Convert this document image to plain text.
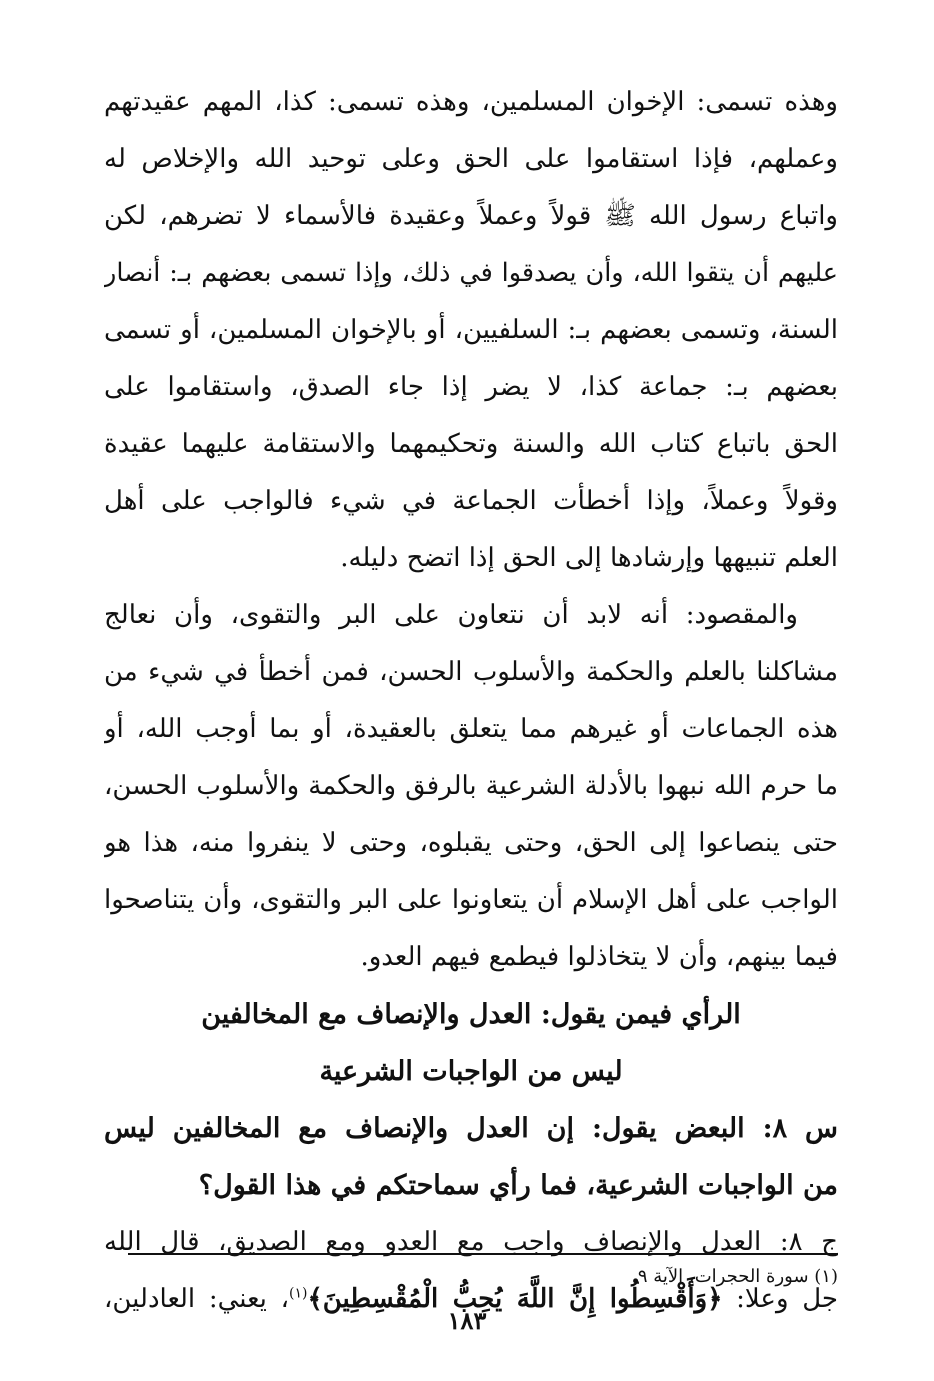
وهذه تسمى: الإخوان المسلمين، وهذه تسمى: كذا، المهم عقيدتهم
وعملهم، فإذا استقاموا على الحق وعلى توحيد الله والإخلاص له
واتباع رسول الله ﷺ قولاً وعملاً وعقيدة فالأسماء لا تضرهم، لكن
عليهم أن يتقوا الله، وأن يصدقوا في ذلك، وإذا تسمى بعضهم بـ: أنصار
السنة، وتسمى بعضهم بـ: السلفيين، أو بالإخوان المسلمين، أو تسمى
بعضهم بـ: جماعة كذا، لا يضر إذا جاء الصدق، واستقاموا على
الحق باتباع كتاب الله والسنة وتحكيمهما والاستقامة عليهما عقيدة
وقولاً وعملاً، وإذا أخطأت الجماعة في شيء فالواجب على أهل
العلم تنبيهها وإرشادها إلى الحق إذا اتضح دليله.
والمقصود: أنه لابد أن نتعاون على البر والتقوى، وأن نعالج
مشاكلنا بالعلم والحكمة والأسلوب الحسن، فمن أخطأ في شيء من
هذه الجماعات أو غيرهم مما يتعلق بالعقيدة، أو بما أوجب الله، أو
ما حرم الله نبهوا بالأدلة الشرعية بالرفق والحكمة والأسلوب الحسن،
حتى ينصاعوا إلى الحق، وحتى يقبلوه، وحتى لا ينفروا منه، هذا هو
الواجب على أهل الإسلام أن يتعاونوا على البر والتقوى، وأن يتناصحوا
فيما بينهم، وأن لا يتخاذلوا فيطمع فيهم العدو.
الرأي فيمن يقول: العدل والإنصاف مع المخالفين
ليس من الواجبات الشرعية
س ٨: البعض يقول: إن العدل والإنصاف مع المخالفين ليس
من الواجبات الشرعية، فما رأي سماحتكم في هذا القول؟
ج ٨: العدل والإنصاف واجب مع العدو ومع الصديق، قال الله
جل وعلا: ﴿وَأَقْسِطُوا إِنَّ اللَّهَ يُحِبُّ الْمُقْسِطِينَ﴾$^{(١)}$، يعني: العادلين،
(١) سورة الحجرات، الآية ٩.
١٨٣
